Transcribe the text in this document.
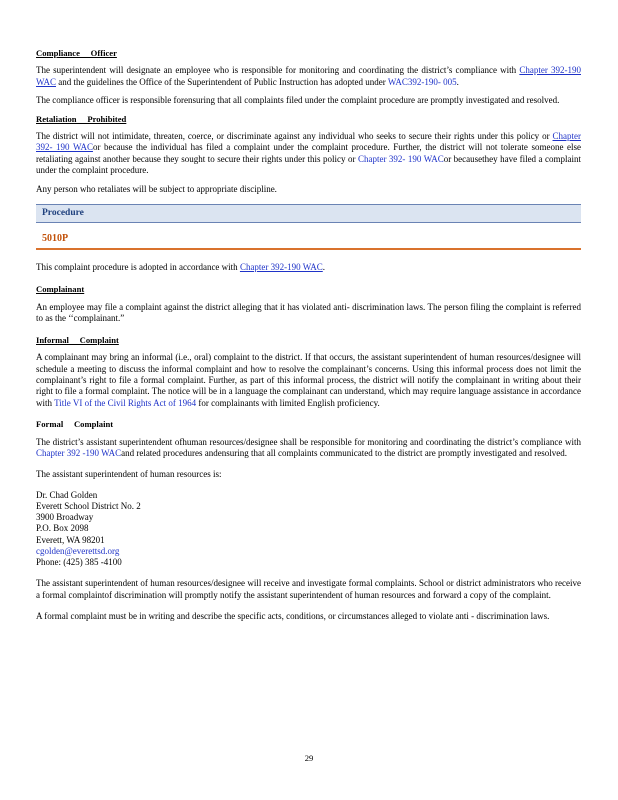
Compliance     Officer

The superintendent will designate an employee who is responsible for monitoring and coordinating the district’s compliance with Chapter 392-190 WAC and the guidelines the Office of the Superintendent of Public Instruction has adopted under WAC392-190- 005.

The compliance officer is responsible forensuring that all complaints filed under the complaint procedure are promptly investigated and resolved.

Retaliation     Prohibited

The district will not intimidate, threaten, coerce, or discriminate against any individual who seeks to secure their rights under this policy or Chapter 392- 190 WACor because the individual has filed a complaint under the complaint procedure. Further, the district will not tolerate someone else retaliating against another because they sought to secure their rights under this policy or Chapter 392- 190 WACor becausethey have filed a complaint under the complaint procedure.

Any person who retaliates will be subject to appropriate discipline.

Procedure
5010P

This complaint procedure is adopted in accordance with Chapter 392-190 WAC.

Complainant

An employee may file a complaint against the district alleging that it has violated anti- discrimination laws. The person filing the complaint is referred to as the ‘‘complainant.”

Informal     Complaint

A complainant may bring an informal (i.e., oral) complaint to the district. If that occurs, the assistant superintendent of human resources/designee will schedule a meeting to discuss the informal complaint and how to resolve the complainant’s concerns. Using this informal process does not limit the complainant’s right to file a formal complaint. Further, as part of this informal process, the district will notify the complainant in writing about their right to file a formal complaint. The notice will be in a language the complainant can understand, which may require language assistance in accordance with Title VI of the Civil Rights Act of 1964 for complainants with limited English proficiency.

Formal     Complaint

The district’s assistant superintendent ofhuman resources/designee shall be responsible for monitoring and coordinating the district’s compliance with Chapter 392 -190 WACand related procedures andensuring that all complaints communicated to the district are promptly investigated and resolved.

The assistant superintendent of human resources is:

Dr. Chad Golden
Everett School District No. 2
3900 Broadway
P.O. Box 2098
Everett, WA 98201
cgolden@everettsd.org
Phone: (425) 385 -4100

The assistant superintendent of human resources/designee will receive and investigate formal complaints. School or district administrators who receive a formal complaintof discrimination will promptly notify the assistant superintendent of human resources and forward a copy of the complaint.

A formal complaint must be in writing and describe the specific acts, conditions, or circumstances alleged to violate anti - discrimination laws.

29
